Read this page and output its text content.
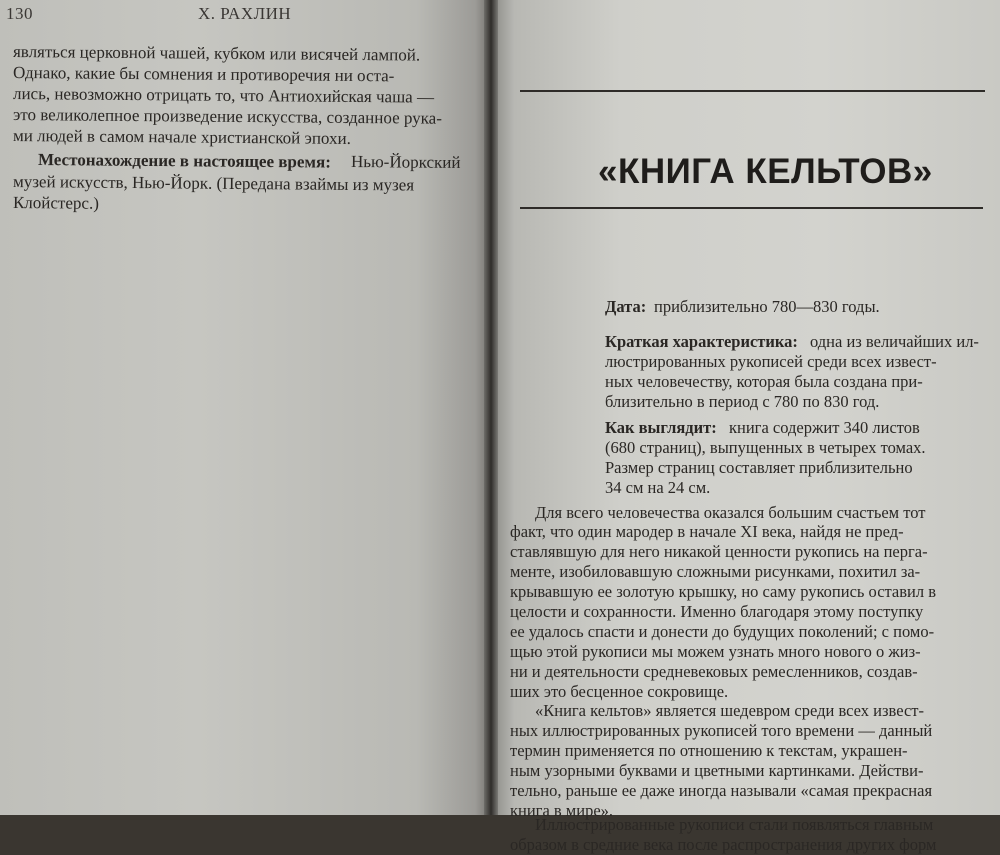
130	Х. РАХЛИН
являться церковной чашей, кубком или висячей лампой.
Однако, какие бы сомнения и противоречия ни оста-
лись, невозможно отрицать то, что Антиохийская чаша —
это великолепное произведение искусства, созданное рука-
ми людей в самом начале христианской эпохи.
Местонахождение в настоящее время: Нью-Йоркский
музей искусств, Нью-Йорк. (Передана взаймы из музея
Клойстерс.)
«КНИГА КЕЛЬТОВ»
Дата: приблизительно 780—830 годы.
Краткая характеристика: одна из величайших ил-
люстрированных рукописей среди всех извест-
ных человечеству, которая была создана при-
близительно в период с 780 по 830 год.
Как выглядит: книга содержит 340 листов
(680 страниц), выпущенных в четырех томах.
Размер страниц составляет приблизительно
34 см на 24 см.
Для всего человечества оказался большим счастьем тот
факт, что один мародер в начале XI века, найдя не пред-
ставлявшую для него никакой ценности рукопись на перга-
менте, изобиловавшую сложными рисунками, похитил за-
крывавшую ее золотую крышку, но саму рукопись оставил в
целости и сохранности. Именно благодаря этому поступку
ее удалось спасти и донести до будущих поколений; с помо-
щью этой рукописи мы можем узнать много нового о жиз-
ни и деятельности средневековых ремесленников, создав-
ших это бесценное сокровище.
«Книга кельтов» является шедевром среди всех извест-
ных иллюстрированных рукописей того времени — данный
термин применяется по отношению к текстам, украшен-
ным узорными буквами и цветными картинками. Действи-
тельно, раньше ее даже иногда называли «самая прекрасная
книга в мире».
Иллюстрированные рукописи стали появляться главным
образом в средние века после распространения других форм
